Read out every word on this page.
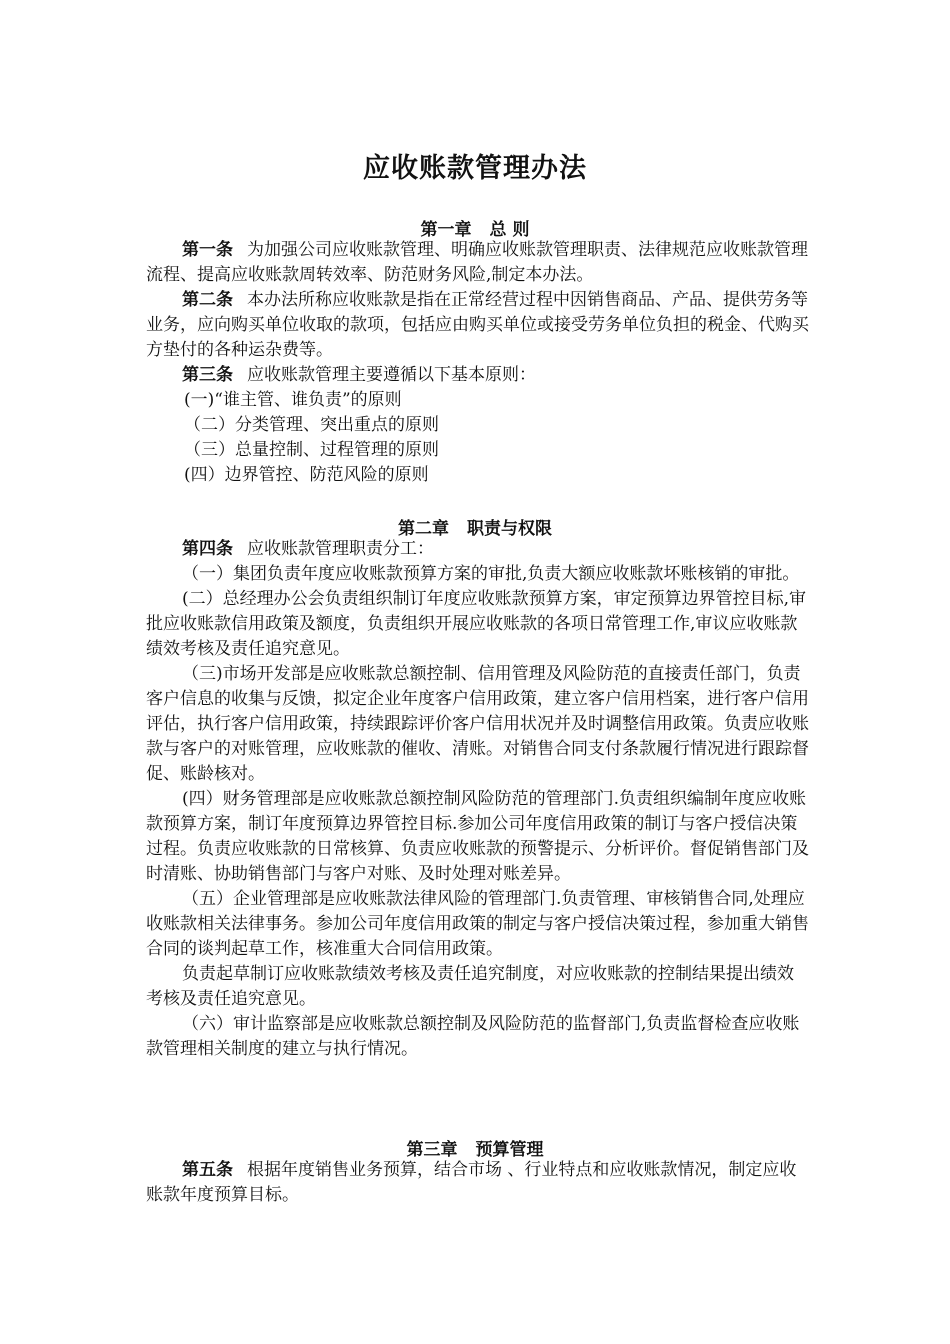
应收账款管理办法
第一章 总 则

第一条 为加强公司应收账款管理、明确应收账款管理职责、法律规范应收账款管理流程、提高应收账款周转效率、防范财务风险,制定本办法。

第二条 本办法所称应收账款是指在正常经营过程中因销售商品、产品、提供劳务等业务，应向购买单位收取的款项，包括应由购买单位或接受劳务单位负担的税金、代购买方垫付的各种运杂费等。

第三条 应收账款管理主要遵循以下基本原则：

(一)“谁主管、谁负责”的原则

（二）分类管理、突出重点的原则

（三）总量控制、过程管理的原则

(四）边界管控、防范风险的原则

第二章 职责与权限

第四条 应收账款管理职责分工：

（一）集团负责年度应收账款预算方案的审批,负责大额应收账款坏账核销的审批。

(二）总经理办公会负责组织制订年度应收账款预算方案，审定预算边界管控目标,审批应收账款信用政策及额度，负责组织开展应收账款的各项日常管理工作,审议应收账款绩效考核及责任追究意见。

（三)市场开发部是应收账款总额控制、信用管理及风险防范的直接责任部门，负责客户信息的收集与反馈，拟定企业年度客户信用政策，建立客户信用档案，进行客户信用评估，执行客户信用政策，持续跟踪评价客户信用状况并及时调整信用政策。负责应收账款与客户的对账管理，应收账款的催收、清账。对销售合同支付条款履行情况进行跟踪督促、账龄核对。

(四）财务管理部是应收账款总额控制风险防范的管理部门.负责组织编制年度应收账款预算方案，制订年度预算边界管控目标.参加公司年度信用政策的制订与客户授信决策过程。负责应收账款的日常核算、负责应收账款的预警提示、分析评价。督促销售部门及时清账、协助销售部门与客户对账、及时处理对账差异。

（五）企业管理部是应收账款法律风险的管理部门.负责管理、审核销售合同,处理应收账款相关法律事务。参加公司年度信用政策的制定与客户授信决策过程，参加重大销售合同的谈判起草工作，核准重大合同信用政策。

负责起草制订应收账款绩效考核及责任追究制度，对应收账款的控制结果提出绩效考核及责任追究意见。

（六）审计监察部是应收账款总额控制及风险防范的监督部门,负责监督检查应收账款管理相关制度的建立与执行情况。

第三章 预算管理

第五条 根据年度销售业务预算，结合市场 、行业特点和应收账款情况，制定应收账款年度预算目标。
